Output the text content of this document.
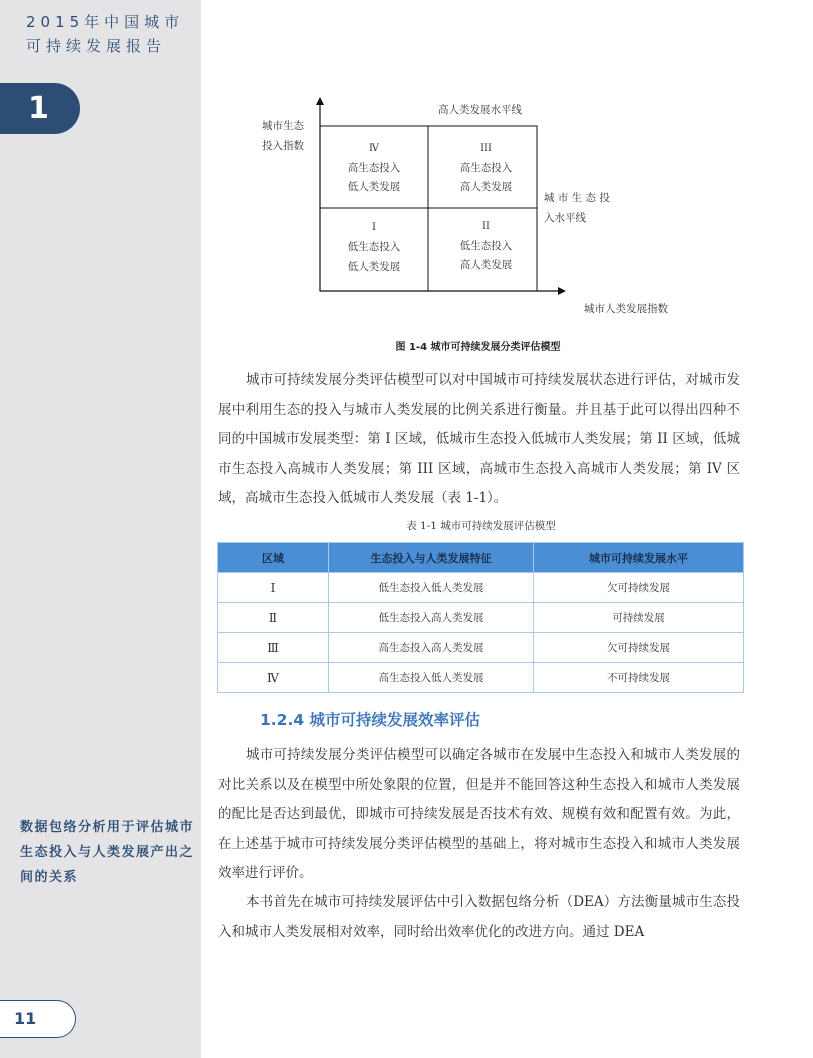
2015年中国城市可持续发展报告
1
数据包络分析用于评估城市生态投入与人类发展产出之间的关系
11
城市生态
投入指数
高人类发展水平线
城 市 生 态 投
入水平线
城市人类发展指数
Ⅳ
高生态投入
低人类发展
III
高生态投入
高人类发展
I
低生态投入
低人类发展
II
低生态投入
高人类发展
图 1-4 城市可持续发展分类评估模型

城市可持续发展分类评估模型可以对中国城市可持续发展状态进行评估，对城市发展中利用生态的投入与城市人类发展的比例关系进行衡量。并且基于此可以得出四种不同的中国城市发展类型：第 I 区域，低城市生态投入低城市人类发展；第 II 区域，低城市生态投入高城市人类发展；第 III 区域，高城市生态投入高城市人类发展；第 IV 区域，高城市生态投入低城市人类发展（表 1-1）。

表 1-1 城市可持续发展评估模型
区域	生态投入与人类发展特征	城市可持续发展水平
Ⅰ	低生态投入低人类发展	欠可持续发展
Ⅱ	低生态投入高人类发展	可持续发展
Ⅲ	高生态投入高人类发展	欠可持续发展
Ⅳ	高生态投入低人类发展	不可持续发展
1.2.4 城市可持续发展效率评估

城市可持续发展分类评估模型可以确定各城市在发展中生态投入和城市人类发展的对比关系以及在模型中所处象限的位置，但是并不能回答这种生态投入和城市人类发展的配比是否达到最优，即城市可持续发展是否技术有效、规模有效和配置有效。为此，在上述基于城市可持续发展分类评估模型的基础上，将对城市生态投入和城市人类发展效率进行评价。

本书首先在城市可持续发展评估中引入数据包络分析（DEA）方法衡量城市生态投入和城市人类发展相对效率，同时给出效率优化的改进方向。通过 DEA
